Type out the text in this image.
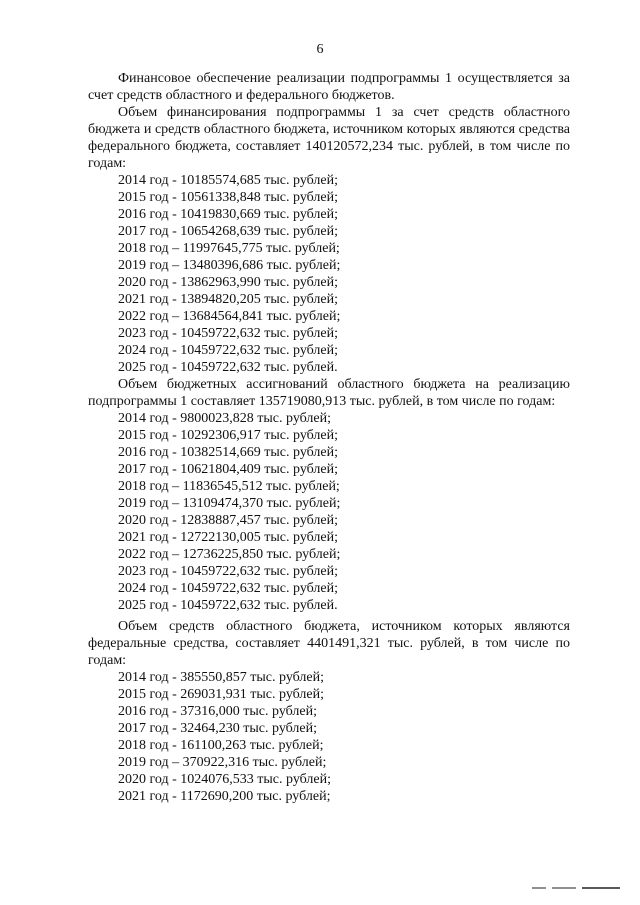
6

Финансовое обеспечение реализации подпрограммы 1 осуществляется за счет средств областного и федерального бюджетов.

Объем финансирования подпрограммы 1 за счет средств областного бюджета и средств областного бюджета, источником которых являются средства федерального бюджета, составляет 140120572,234 тыс. рублей, в том числе по годам:

2014 год - 10185574,685 тыс. рублей;
2015 год - 10561338,848 тыс. рублей;
2016 год - 10419830,669 тыс. рублей;
2017 год - 10654268,639 тыс. рублей;
2018 год – 11997645,775 тыс. рублей;
2019 год – 13480396,686 тыс. рублей;
2020 год - 13862963,990 тыс. рублей;
2021 год - 13894820,205 тыс. рублей;
2022 год – 13684564,841 тыс. рублей;
2023 год - 10459722,632 тыс. рублей;
2024 год - 10459722,632 тыс. рублей;
2025 год - 10459722,632 тыс. рублей.

Объем бюджетных ассигнований областного бюджета на реализацию подпрограммы 1 составляет 135719080,913 тыс. рублей, в том числе по годам:

2014 год - 9800023,828 тыс. рублей;
2015 год - 10292306,917 тыс. рублей;
2016 год - 10382514,669 тыс. рублей;
2017 год - 10621804,409 тыс. рублей;
2018 год – 11836545,512 тыс. рублей;
2019 год – 13109474,370 тыс. рублей;
2020 год - 12838887,457 тыс. рублей;
2021 год - 12722130,005 тыс. рублей;
2022 год – 12736225,850 тыс. рублей;
2023 год - 10459722,632 тыс. рублей;
2024 год - 10459722,632 тыс. рублей;
2025 год - 10459722,632 тыс. рублей.

Объем средств областного бюджета, источником которых являются федеральные средства, составляет 4401491,321 тыс. рублей, в том числе по годам:

2014 год - 385550,857 тыс. рублей;
2015 год - 269031,931 тыс. рублей;
2016 год - 37316,000 тыс. рублей;
2017 год - 32464,230 тыс. рублей;
2018 год - 161100,263 тыс. рублей;
2019 год – 370922,316 тыс. рублей;
2020 год - 1024076,533 тыс. рублей;
2021 год - 1172690,200 тыс. рублей;
